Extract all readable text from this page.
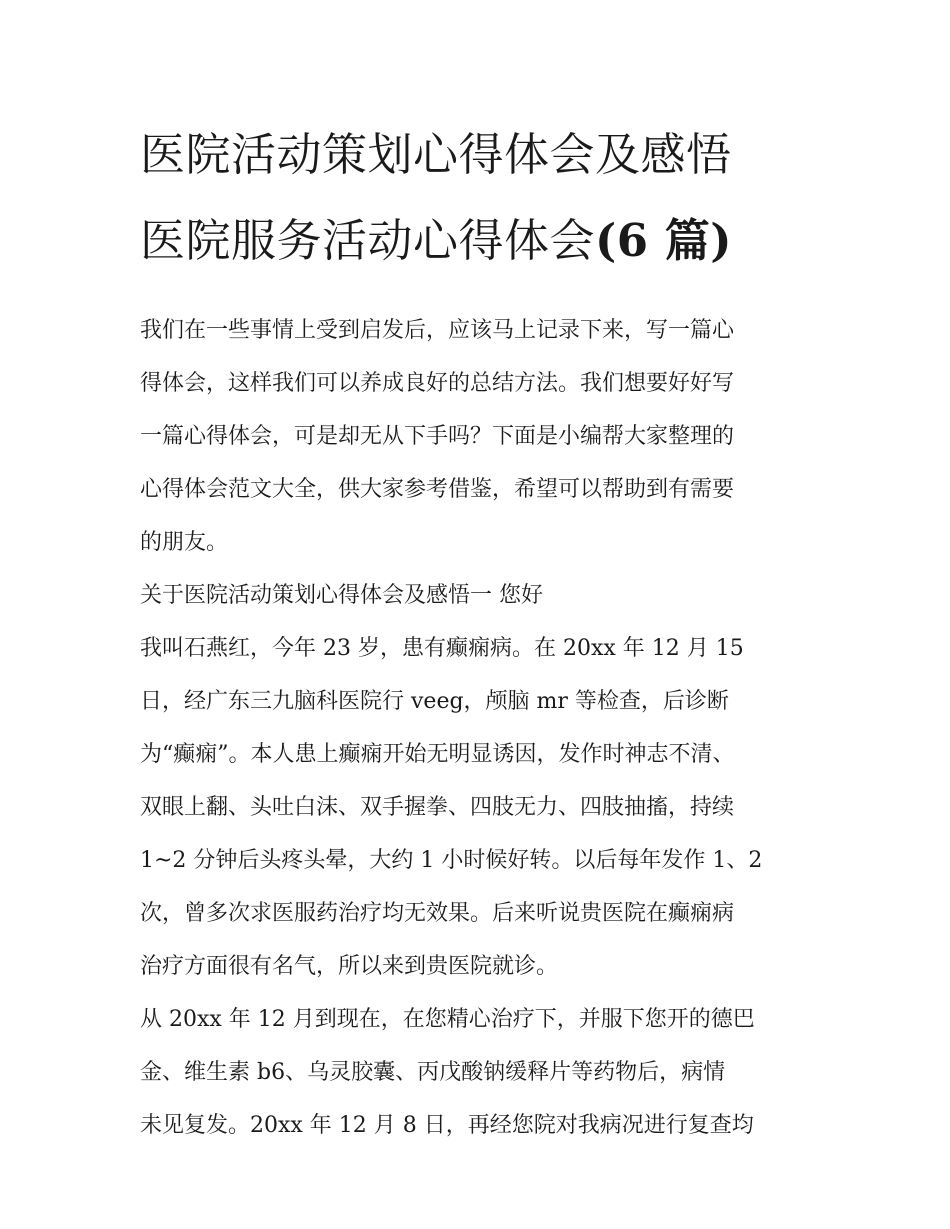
医院活动策划心得体会及感悟
医院服务活动心得体会(6 篇)
我们在一些事情上受到启发后，应该马上记录下来，写一篇心
得体会，这样我们可以养成良好的总结方法。我们想要好好写
一篇心得体会，可是却无从下手吗？下面是小编帮大家整理的
心得体会范文大全，供大家参考借鉴，希望可以帮助到有需要
的朋友。
关于医院活动策划心得体会及感悟一 您好
我叫石燕红，今年 23 岁，患有癫痫病。在 20xx 年 12 月 15
日，经广东三九脑科医院行 veeg，颅脑 mr 等检查，后诊断
为“癫痫”。本人患上癫痫开始无明显诱因，发作时神志不清、
双眼上翻、头吐白沫、双手握拳、四肢无力、四肢抽搐，持续
1~2 分钟后头疼头晕，大约 1 小时候好转。以后每年发作 1、2
次，曾多次求医服药治疗均无效果。后来听说贵医院在癫痫病
治疗方面很有名气，所以来到贵医院就诊。
从 20xx 年 12 月到现在，在您精心治疗下，并服下您开的德巴
金、维生素 b6、乌灵胶囊、丙戊酸钠缓释片等药物后，病情
未见复发。20xx 年 12 月 8 日，再经您院对我病况进行复查均
